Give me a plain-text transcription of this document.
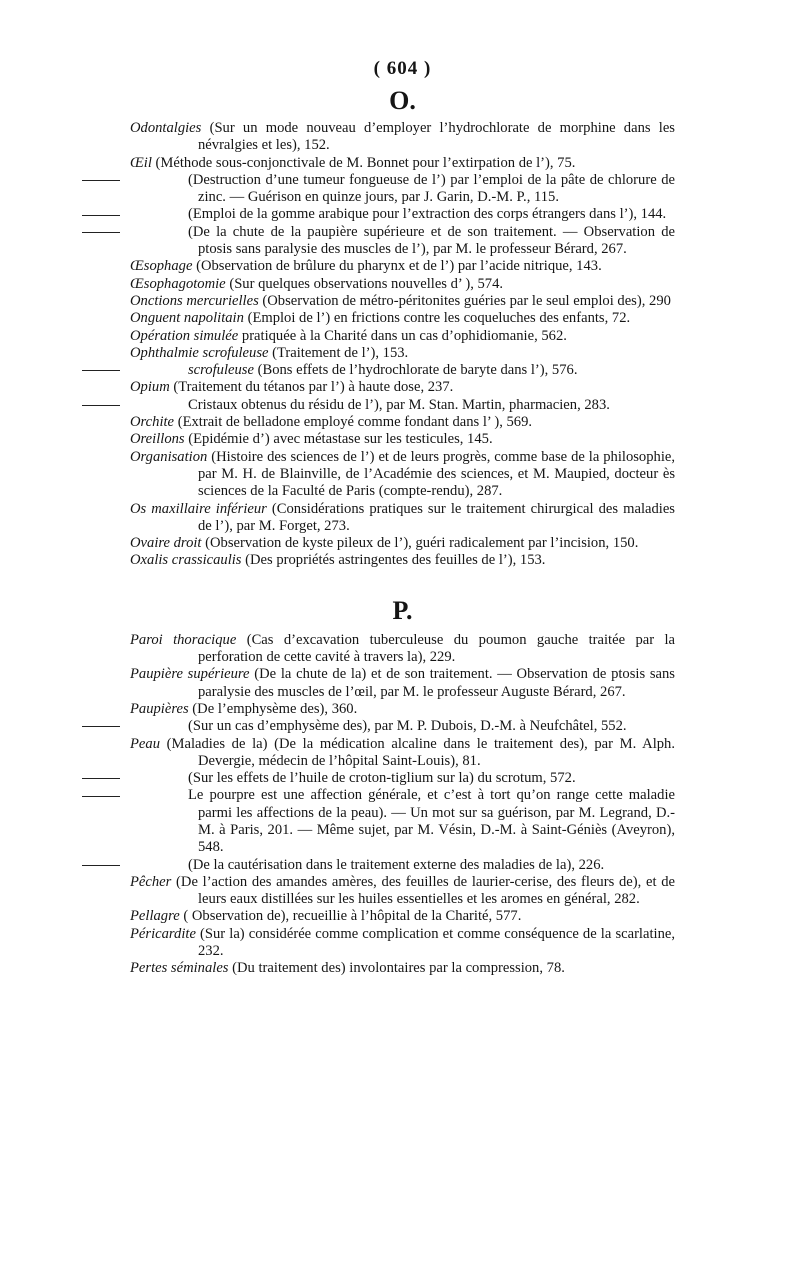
( 604 )
O.

Odontalgies (Sur un mode nouveau d’employer l’hydrochlorate de morphine dans les névralgies et les), 152.

Œil (Méthode sous-conjonctivale de M. Bonnet pour l’extirpation de l’), 75.

(Destruction d’une tumeur fongueuse de l’) par l’emploi de la pâte de chlorure de zinc. — Guérison en quinze jours, par J. Garin, D.-M. P., 115.

(Emploi de la gomme arabique pour l’extraction des corps étrangers dans l’), 144.

(De la chute de la paupière supérieure et de son traitement. — Observation de ptosis sans paralysie des muscles de l’), par M. le professeur Bérard, 267.

Œsophage (Observation de brûlure du pharynx et de l’) par l’acide nitrique, 143.

Œsophagotomie (Sur quelques observations nouvelles d’ ), 574.

Onctions mercurielles (Observation de métro-péritonites guéries par le seul emploi des), 290

Onguent napolitain (Emploi de l’) en frictions contre les coqueluches des enfants, 72.

Opération simulée pratiquée à la Charité dans un cas d’ophidiomanie, 562.

Ophthalmie scrofuleuse (Traitement de l’), 153.

scrofuleuse (Bons effets de l’hydrochlorate de baryte dans l’), 576.

Opium (Traitement du tétanos par l’) à haute dose, 237.

Cristaux obtenus du résidu de l’), par M. Stan. Martin, pharmacien, 283.

Orchite (Extrait de belladone employé comme fondant dans l’ ), 569.

Oreillons (Epidémie d’) avec métastase sur les testicules, 145.

Organisation (Histoire des sciences de l’) et de leurs progrès, comme base de la philosophie, par M. H. de Blainville, de l’Académie des sciences, et M. Maupied, docteur ès sciences de la Faculté de Paris (compte-rendu), 287.

Os maxillaire inférieur (Considérations pratiques sur le traitement chirurgical des maladies de l’), par M. Forget, 273.

Ovaire droit (Observation de kyste pileux de l’), guéri radicalement par l’incision, 150.

Oxalis crassicaulis (Des propriétés astringentes des feuilles de l’), 153.

P.

Paroi thoracique (Cas d’excavation tuberculeuse du poumon gauche traitée par la perforation de cette cavité à travers la), 229.

Paupière supérieure (De la chute de la) et de son traitement. — Observation de ptosis sans paralysie des muscles de l’œil, par M. le professeur Auguste Bérard, 267.

Paupières (De l’emphysème des), 360.

(Sur un cas d’emphysème des), par M. P. Dubois, D.-M. à Neufchâtel, 552.

Peau (Maladies de la) (De la médication alcaline dans le traitement des), par M. Alph. Devergie, médecin de l’hôpital Saint-Louis), 81.

(Sur les effets de l’huile de croton-tiglium sur la) du scrotum, 572.

Le pourpre est une affection générale, et c’est à tort qu’on range cette maladie parmi les affections de la peau). — Un mot sur sa guérison, par M. Legrand, D.-M. à Paris, 201. — Même sujet, par M. Vésin, D.-M. à Saint-Géniès (Aveyron), 548.

(De la cautérisation dans le traitement externe des maladies de la), 226.

Pêcher (De l’action des amandes amères, des feuilles de laurier-cerise, des fleurs de), et de leurs eaux distillées sur les huiles essentielles et les aromes en général, 282.

Pellagre ( Observation de), recueillie à l’hôpital de la Charité, 577.

Péricardite (Sur la) considérée comme complication et comme conséquence de la scarlatine, 232.

Pertes séminales (Du traitement des) involontaires par la compression, 78.
